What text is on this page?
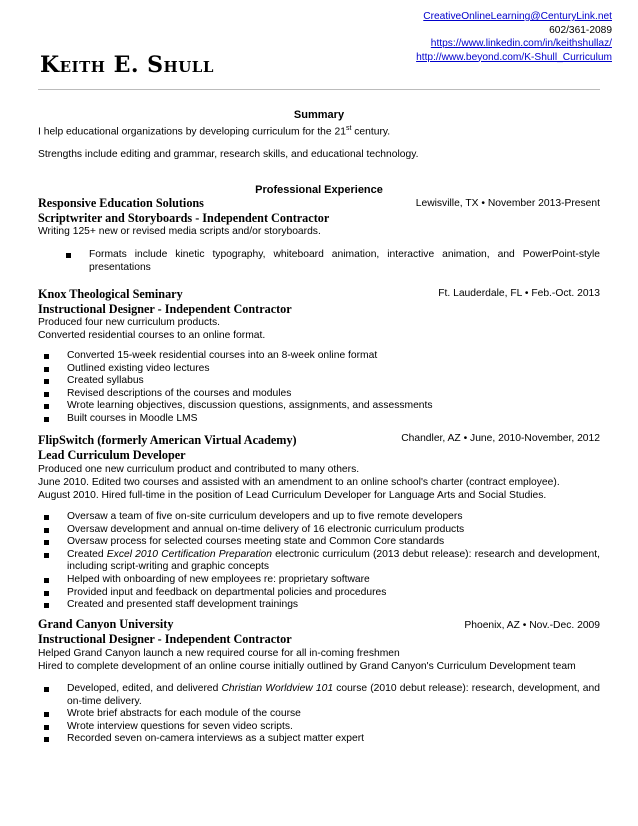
Keith E. Shull
CreativeOnlineLearning@CenturyLink.net
602/361-2089
https://www.linkedin.com/in/keithshullaz/
http://www.beyond.com/K-Shull_Curriculum
Summary
I help educational organizations by developing curriculum for the 21st century.
Strengths include editing and grammar, research skills, and educational technology.
Professional Experience
Responsive Education Solutions	Lewisville, TX • November 2013-Present
Scriptwriter and Storyboards - Independent Contractor
Writing 125+ new or revised media scripts and/or storyboards.
Formats include kinetic typography, whiteboard animation, interactive animation, and PowerPoint-style presentations
Knox Theological Seminary	Ft. Lauderdale, FL • Feb.-Oct. 2013
Instructional Designer - Independent Contractor
Produced four new curriculum products.
Converted residential courses to an online format.
Converted 15-week residential courses into an 8-week online format
Outlined existing video lectures
Created syllabus
Revised descriptions of the courses and modules
Wrote learning objectives, discussion questions, assignments, and assessments
Built courses in Moodle LMS
FlipSwitch (formerly American Virtual Academy)	Chandler, AZ • June, 2010-November, 2012
Lead Curriculum Developer
Produced one new curriculum product and contributed to many others.
June 2010. Edited two courses and assisted with an amendment to an online school's charter (contract employee).
August 2010. Hired full-time in the position of Lead Curriculum Developer for Language Arts and Social Studies.
Oversaw a team of five on-site curriculum developers and up to five remote developers
Oversaw development and annual on-time delivery of 16 electronic curriculum products
Oversaw process for selected courses meeting state and Common Core standards
Created Excel 2010 Certification Preparation electronic curriculum (2013 debut release): research and development, including script-writing and graphic concepts
Helped with onboarding of new employees re: proprietary software
Provided input and feedback on departmental policies and procedures
Created and presented staff development trainings
Grand Canyon University	Phoenix, AZ • Nov.-Dec. 2009
Instructional Designer - Independent Contractor
Helped Grand Canyon launch a new required course for all in-coming freshmen
Hired to complete development of an online course initially outlined by Grand Canyon's Curriculum Development team
Developed, edited, and delivered Christian Worldview 101 course (2010 debut release): research, development, and on-time delivery.
Wrote brief abstracts for each module of the course
Wrote interview questions for seven video scripts.
Recorded seven on-camera interviews as a subject matter expert
